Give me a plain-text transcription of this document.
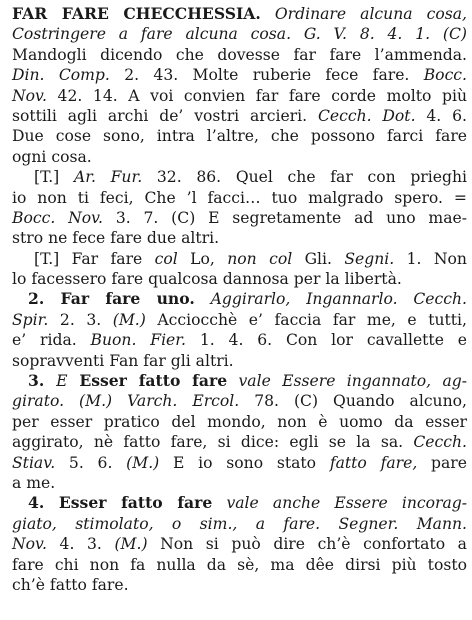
FAR FARE CHECCHESSIA. Ordinare alcuna cosa,
Costringere a fare alcuna cosa. G. V. 8. 4. 1. (C)
Mandogli dicendo che dovesse far fare l’ammenda.
Din. Comp. 2. 43. Molte ruberie fece fare. Bocc.
Nov. 42. 14. A voi convien far fare corde molto più
sottili agli archi de’ vostri arcieri. Cecch. Dot. 4. 6.
Due cose sono, intra l’altre, che possono farci fare
ogni cosa.
[T.] Ar. Fur. 32. 86. Quel che far con prieghi
io non ti feci, Che ’l facci… tuo malgrado spero. =
Bocc. Nov. 3. 7. (C) E segretamente ad uno mae-
stro ne fece fare due altri.
[T.] Far fare col Lo, non col Gli. Segni. 1. Non
lo facessero fare qualcosa dannosa per la libertà.
2. Far fare uno. Aggirarlo, Ingannarlo. Cecch.
Spir. 2. 3. (M.) Acciocchè e’ faccia far me, e tutti,
e’ rida. Buon. Fier. 1. 4. 6. Con lor cavallette e
sopravventi Fan far gli altri.
3. E Esser fatto fare vale Essere ingannato, ag-
girato. (M.) Varch. Ercol. 78. (C) Quando alcuno,
per esser pratico del mondo, non è uomo da esser
aggirato, nè fatto fare, si dice: egli se la sa. Cecch.
Stiav. 5. 6. (M.) E io sono stato fatto fare, pare
a me.
4. Esser fatto fare vale anche Essere incorag-
giato, stimolato, o sim., a fare. Segner. Mann.
Nov. 4. 3. (M.) Non si può dire ch’è confortato a
fare chi non fa nulla da sè, ma dêe dirsi più tosto
ch’è fatto fare.
